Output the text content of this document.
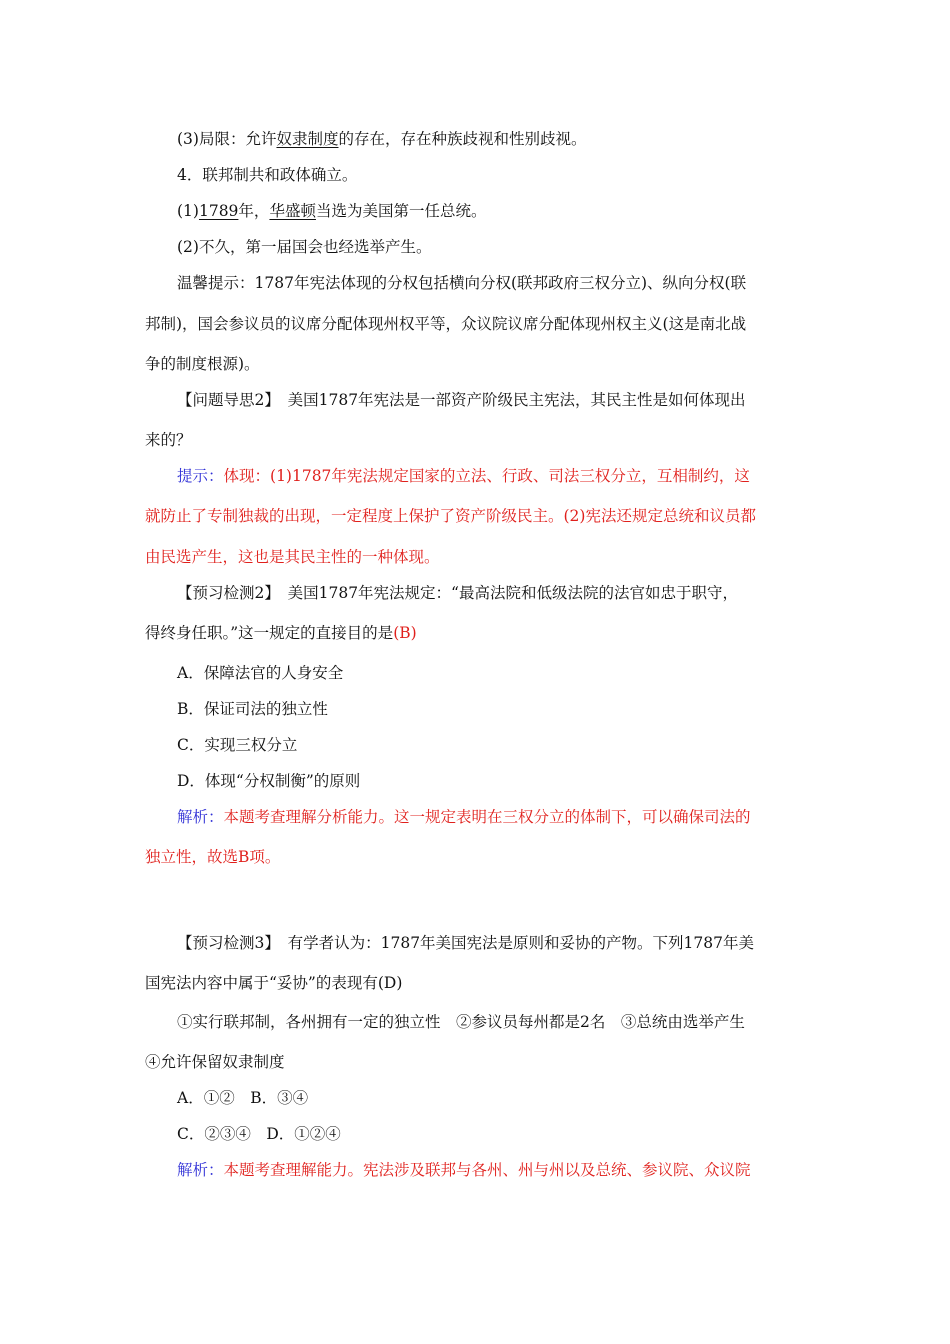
(3)局限：允许奴隶制度的存在，存在种族歧视和性别歧视。
4．联邦制共和政体确立。
(1)1789年，华盛顿当选为美国第一任总统。
(2)不久，第一届国会也经选举产生。
温馨提示：1787年宪法体现的分权包括横向分权(联邦政府三权分立)、纵向分权(联
邦制)，国会参议员的议席分配体现州权平等，众议院议席分配体现州权主义(这是南北战
争的制度根源)。
【问题导思2】　美国1787年宪法是一部资产阶级民主宪法，其民主性是如何体现出
来的？
提示：体现：(1)1787年宪法规定国家的立法、行政、司法三权分立，互相制约，这
就防止了专制独裁的出现，一定程度上保护了资产阶级民主。(2)宪法还规定总统和议员都
由民选产生，这也是其民主性的一种体现。
【预习检测2】　美国1787年宪法规定：“最高法院和低级法院的法官如忠于职守，
得终身任职。”这一规定的直接目的是(B)
A．保障法官的人身安全
B．保证司法的独立性
C．实现三权分立
D．体现“分权制衡”的原则
解析：本题考查理解分析能力。这一规定表明在三权分立的体制下，可以确保司法的
独立性，故选B项。
【预习检测3】　有学者认为：1787年美国宪法是原则和妥协的产物。下列1787年美
国宪法内容中属于“妥协”的表现有(D)
①实行联邦制，各州拥有一定的独立性　②参议员每州都是2名　③总统由选举产生
④允许保留奴隶制度
A．①②　B．③④
C．②③④　D．①②④
解析：本题考查理解能力。宪法涉及联邦与各州、州与州以及总统、参议院、众议院
